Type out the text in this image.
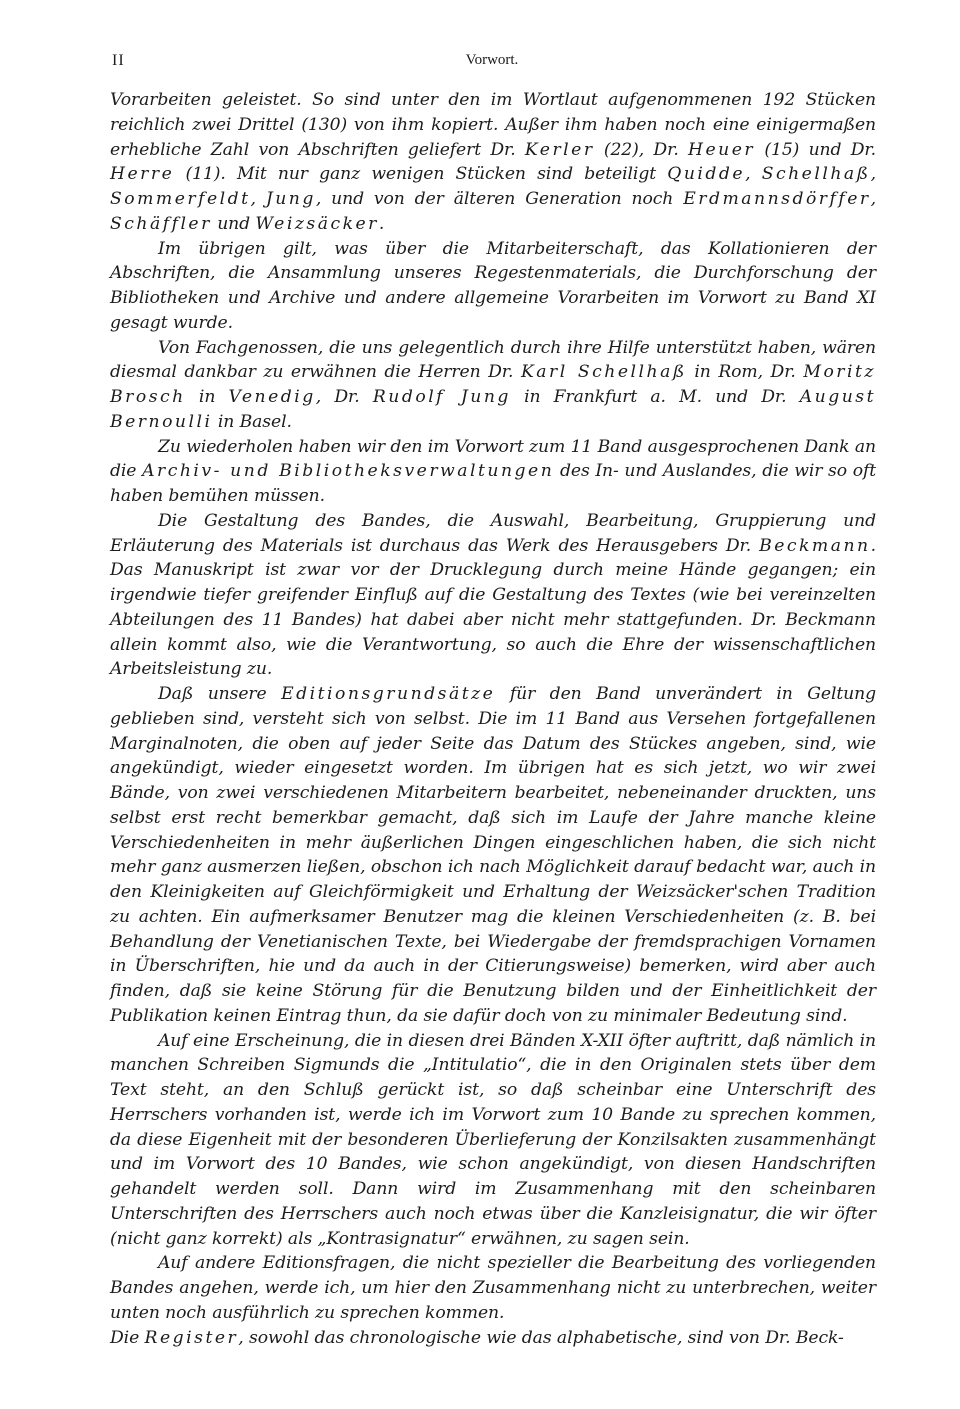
II	Vorwort.

Vorarbeiten geleistet. So sind unter den im Wortlaut aufgenommenen 192 Stücken reichlich zwei Drittel (130) von ihm kopiert. Außer ihm haben noch eine einigermaßen erhebliche Zahl von Abschriften geliefert Dr. Kerler (22), Dr. Heuer (15) und Dr. Herre (11). Mit nur ganz wenigen Stücken sind beteiligt Quidde, Schellhaß, Sommerfeldt, Jung, und von der älteren Generation noch Erdmannsdörffer, Schäffler und Weizsäcker.

Im übrigen gilt, was über die Mitarbeiterschaft, das Kollationieren der Abschriften, die Ansammlung unseres Regestenmaterials, die Durchforschung der Bibliotheken und Archive und andere allgemeine Vorarbeiten im Vorwort zu Band XI gesagt wurde.

Von Fachgenossen, die uns gelegentlich durch ihre Hilfe unterstützt haben, wären diesmal dankbar zu erwähnen die Herren Dr. Karl Schellhaß in Rom, Dr. Moritz Brosch in Venedig, Dr. Rudolf Jung in Frankfurt a. M. und Dr. August Bernoulli in Basel.

Zu wiederholen haben wir den im Vorwort zum 11 Band ausgesprochenen Dank an die Archiv- und Bibliotheksverwaltungen des In- und Auslandes, die wir so oft haben bemühen müssen.

Die Gestaltung des Bandes, die Auswahl, Bearbeitung, Gruppierung und Erläuterung des Materials ist durchaus das Werk des Herausgebers Dr. Beckmann. Das Manuskript ist zwar vor der Drucklegung durch meine Hände gegangen; ein irgendwie tiefer greifender Einfluß auf die Gestaltung des Textes (wie bei vereinzelten Abteilungen des 11 Bandes) hat dabei aber nicht mehr stattgefunden. Dr. Beckmann allein kommt also, wie die Verantwortung, so auch die Ehre der wissenschaftlichen Arbeitsleistung zu.

Daß unsere Editionsgrundsätze für den Band unverändert in Geltung geblieben sind, versteht sich von selbst. Die im 11 Band aus Versehen fortgefallenen Marginalnoten, die oben auf jeder Seite das Datum des Stückes angeben, sind, wie angekündigt, wieder eingesetzt worden. Im übrigen hat es sich jetzt, wo wir zwei Bände, von zwei verschiedenen Mitarbeitern bearbeitet, nebeneinander druckten, uns selbst erst recht bemerkbar gemacht, daß sich im Laufe der Jahre manche kleine Verschiedenheiten in mehr äußerlichen Dingen eingeschlichen haben, die sich nicht mehr ganz ausmerzen ließen, obschon ich nach Möglichkeit darauf bedacht war, auch in den Kleinigkeiten auf Gleichförmigkeit und Erhaltung der Weizsäcker'schen Tradition zu achten. Ein aufmerksamer Benutzer mag die kleinen Verschiedenheiten (z. B. bei Behandlung der Venetianischen Texte, bei Wiedergabe der fremdsprachigen Vornamen in Überschriften, hie und da auch in der Citierungsweise) bemerken, wird aber auch finden, daß sie keine Störung für die Benutzung bilden und der Einheitlichkeit der Publikation keinen Eintrag thun, da sie dafür doch von zu minimaler Bedeutung sind.

Auf eine Erscheinung, die in diesen drei Bänden X-XII öfter auftritt, daß nämlich in manchen Schreiben Sigmunds die „Intitulatio“, die in den Originalen stets über dem Text steht, an den Schluß gerückt ist, so daß scheinbar eine Unterschrift des Herrschers vorhanden ist, werde ich im Vorwort zum 10 Bande zu sprechen kommen, da diese Eigenheit mit der besonderen Überlieferung der Konzilsakten zusammenhängt und im Vorwort des 10 Bandes, wie schon angekündigt, von diesen Handschriften gehandelt werden soll. Dann wird im Zusammenhang mit den scheinbaren Unterschriften des Herrschers auch noch etwas über die Kanzleisignatur, die wir öfter (nicht ganz korrekt) als „Kontrasignatur“ erwähnen, zu sagen sein.

Auf andere Editionsfragen, die nicht spezieller die Bearbeitung des vorliegenden Bandes angehen, werde ich, um hier den Zusammenhang nicht zu unterbrechen, weiter unten noch ausführlich zu sprechen kommen.

Die Register, sowohl das chronologische wie das alphabetische, sind von Dr. Beck-
